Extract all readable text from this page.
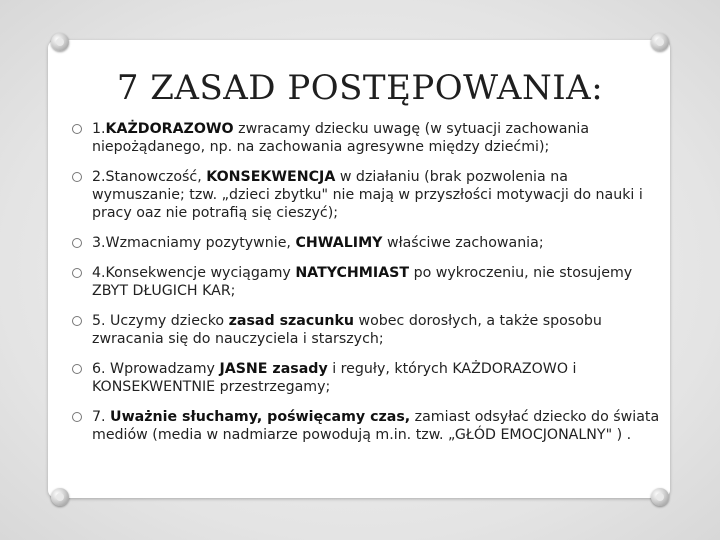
7 ZASAD POSTĘPOWANIA:
1.KAŻDORAZOWO zwracamy dziecku uwagę (w sytuacji zachowania niepożądanego, np. na zachowania agresywne między dziećmi);
2.Stanowczość, KONSEKWENCJA w działaniu (brak pozwolenia na wymuszanie; tzw. „dzieci zbytku" nie mają w przyszłości motywacji do nauki i pracy oaz nie potrafią się cieszyć);
3.Wzmacniamy pozytywnie, CHWALIMY właściwe zachowania;
4.Konsekwencje wyciągamy NATYCHMIAST po wykroczeniu, nie stosujemy ZBYT DŁUGICH KAR;
5. Uczymy dziecko zasad szacunku wobec dorosłych, a także sposobu zwracania się do nauczyciela i starszych;
6. Wprowadzamy JASNE zasady i reguły, których KAŻDORAZOWO i KONSEKWENTNIE przestrzegamy;
7. Uważnie słuchamy, poświęcamy czas, zamiast odsyłać dziecko do świata mediów (media w nadmiarze powodują m.in. tzw. „GŁÓD EMOCJONALNY" ) .
